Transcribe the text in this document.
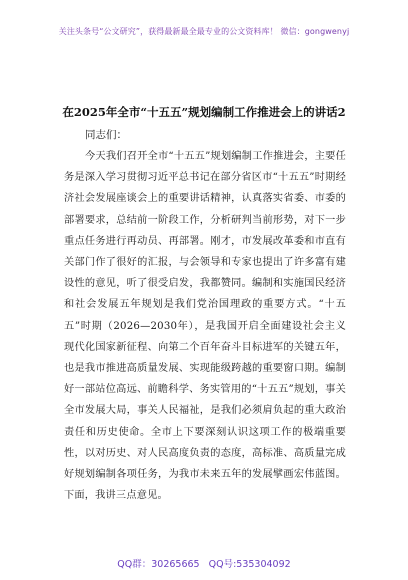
关注头条号“公文研究”，获得最新最全最专业的公文资料库！ 微信：gongwenyj
在2025年全市“十五五”规划编制工作推进会上的讲话2
同志们：

今天我们召开全市“十五五”规划编制工作推进会，主要任务是深入学习贯彻习近平总书记在部分省区市“十五五”时期经济社会发展座谈会上的重要讲话精神，认真落实省委、市委的部署要求，总结前一阶段工作，分析研判当前形势，对下一步重点任务进行再动员、再部署。刚才，市发展改革委和市直有关部门作了很好的汇报，与会领导和专家也提出了许多富有建设性的意见，听了很受启发，我都赞同。编制和实施国民经济和社会发展五年规划是我们党治国理政的重要方式。“十五五”时期（2026—2030年），是我国开启全面建设社会主义现代化国家新征程、向第二个百年奋斗目标进军的关键五年，也是我市推进高质量发展、实现能级跨越的重要窗口期。编制好一部站位高远、前瞻科学、务实管用的“十五五”规划，事关全市发展大局，事关人民福祉，是我们必须肩负起的重大政治责任和历史使命。全市上下要深刻认识这项工作的极端重要性，以对历史、对人民高度负责的态度，高标准、高质量完成好规划编制各项任务，为我市未来五年的发展擘画宏伟蓝图。下面，我讲三点意见。

QQ群：30265665 QQ号:535304092
